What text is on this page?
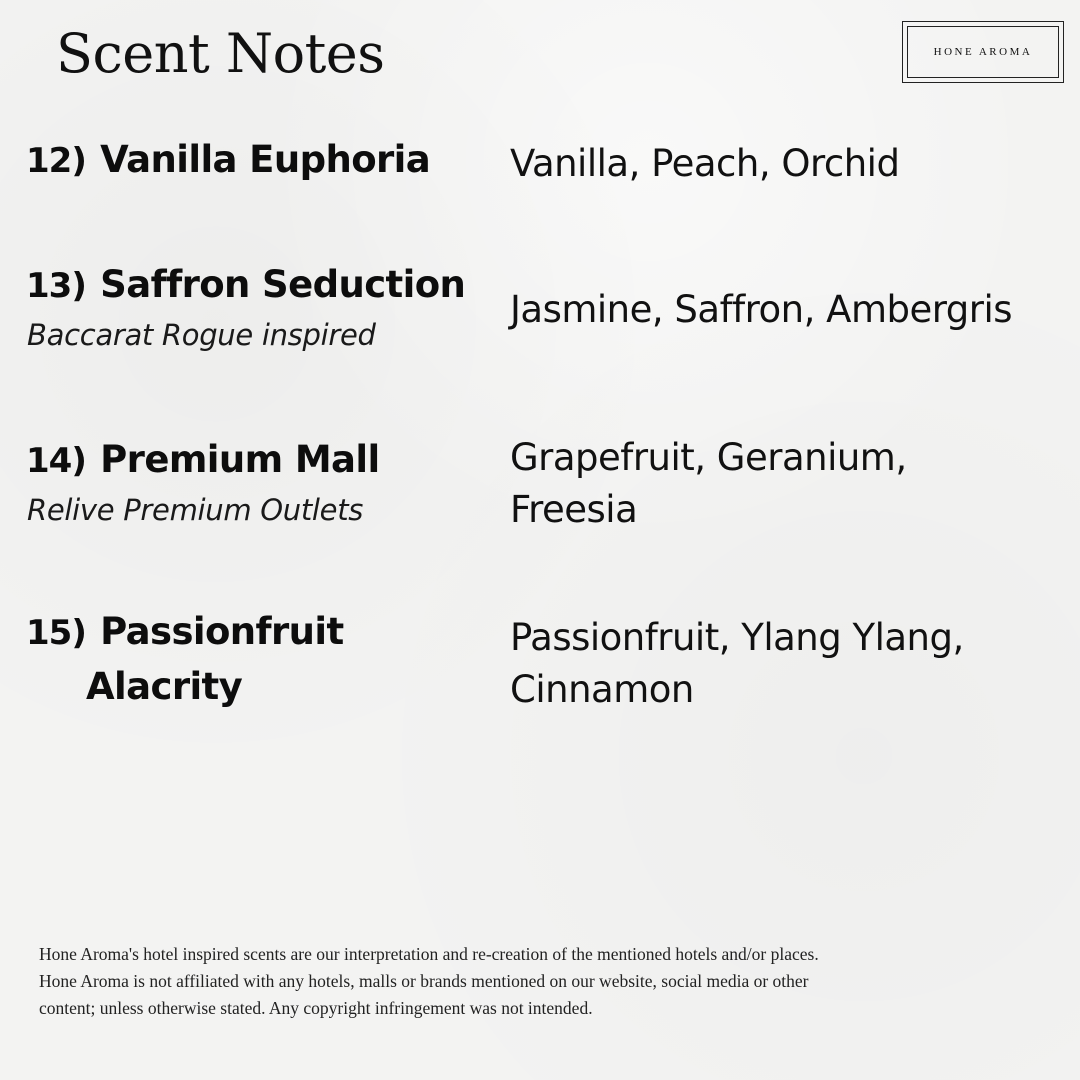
Scent Notes	HONE AROMA
12) Vanilla Euphoria Vanilla, Peach, Orchid
13) Saffron Seduction
Baccarat Rogue inspired
Jasmine, Saffron, Ambergris
14) Premium Mall
Relive Premium Outlets
Grapefruit, Geranium,
Freesia
15) Passionfruit
Alacrity
Passionfruit, Ylang Ylang,
Cinnamon
Hone Aroma's hotel inspired scents are our interpretation and re-creation of the mentioned hotels and/or places.
Hone Aroma is not affiliated with any hotels, malls or brands mentioned on our website, social media or other
content; unless otherwise stated. Any copyright infringement was not intended.
